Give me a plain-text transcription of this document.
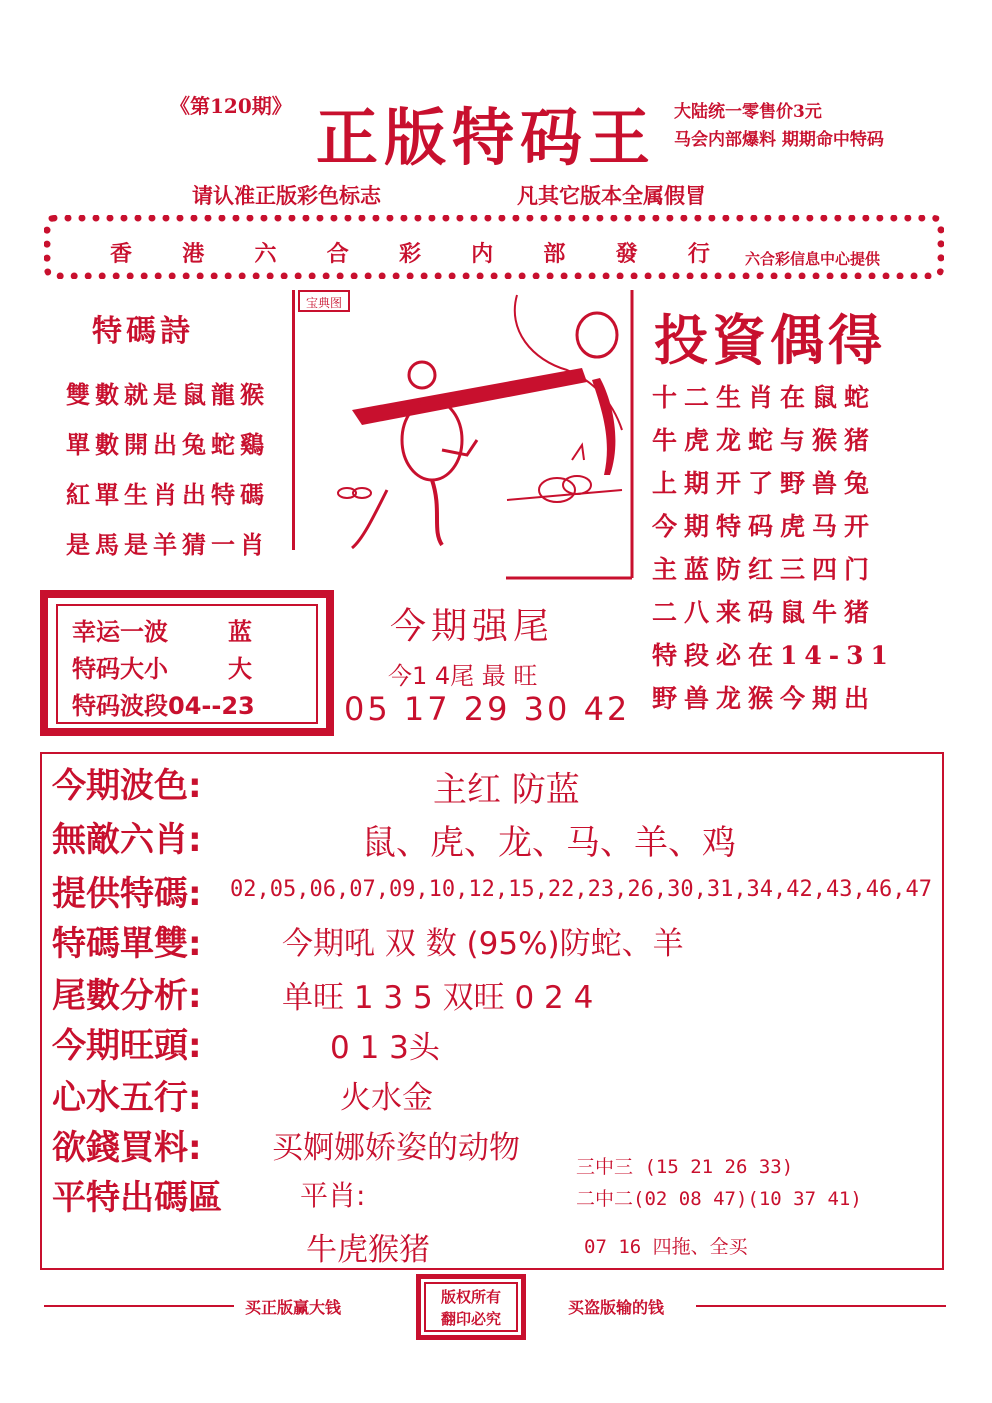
《第120期》 正版特码王 大陆统一零售价3元
马会内部爆料 期期命中特码
请认准正版彩色标志	凡其它版本全属假冒
香 港 六 合 彩 内 部 發 行 六合彩信息中心提供
特碼詩
雙數就是鼠龍猴
單數開出兔蛇鷄
紅單生肖出特碼
是馬是羊猜一肖
宝典图
投資偶得
十二生肖在鼠蛇
牛虎龙蛇与猴猪
上期开了野兽兔
今期特码虎马开
主蓝防红三四门
二八来码鼠牛猪
特段必在14-31
野兽龙猴今期出
幸运一波	蓝
特码大小	大
特码波段04--23
今期强尾
今1 4尾 最 旺
05 17 29 30 42
今期波色:	主红 防蓝
無敵六肖:	鼠、虎、龙、马、羊、鸡
提供特碼: 02,05,06,07,09,10,12,15,22,23,26,30,31,34,42,43,46,47
特碼單雙:	今期吼 双 数 (95%)防蛇、羊
尾數分析:	单旺 1 3 5 双旺 0 2 4
今期旺頭:	0 1 3头
心水五行:	火水金
欲錢買料: 买婀娜娇姿的动物
平特出碼區	平肖:
牛虎猴猪
三中三 (15 21 26 33)
二中二(02 08 47)(10 37 41)
07 16 四拖、全买
买正版赢大钱
版权所有
翻印必究
买盗版输的钱
